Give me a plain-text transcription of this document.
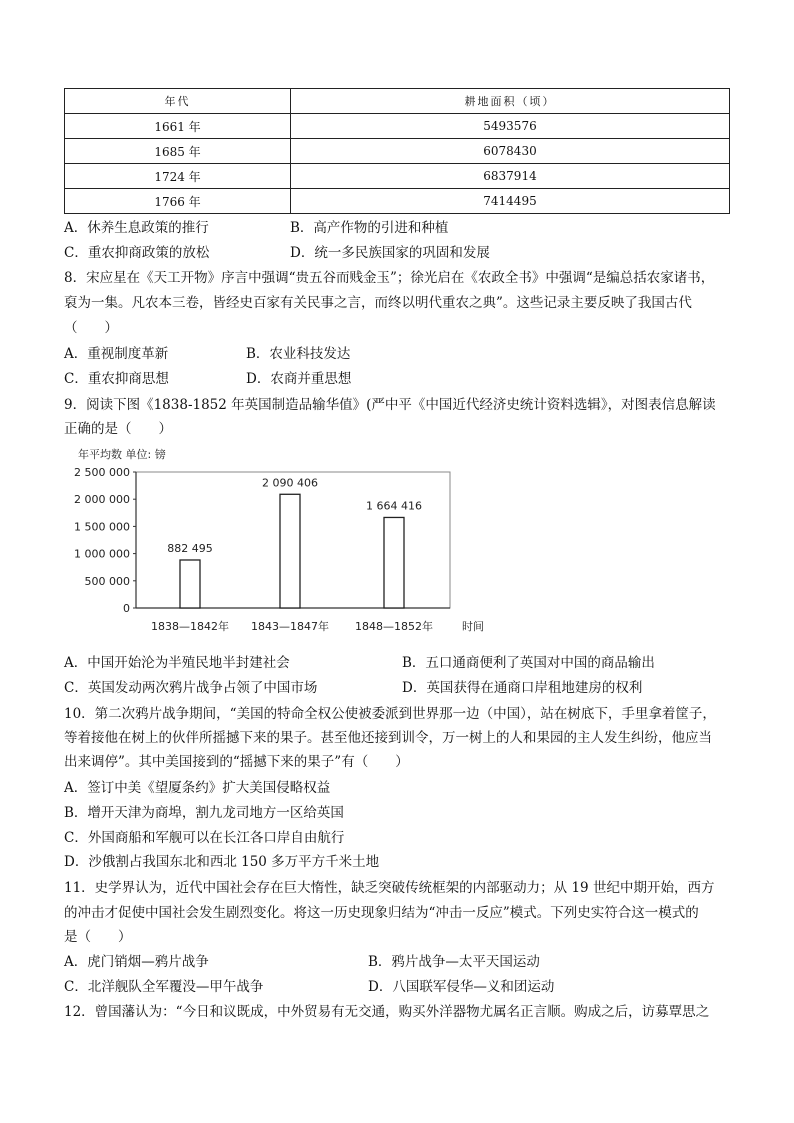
年代	耕地面积（顷）
1661 年	5493576
1685 年	6078430
1724 年	6837914
1766 年	7414495
A．休养生息政策的推行	B．高产作物的引进和种植
C．重农抑商政策的放松	D．统一多民族国家的巩固和发展
8．宋应星在《天工开物》序言中强调“贵五谷而贱金玉”；徐光启在《农政全书》中强调“是编总括农家诸书，
裒为一集。凡农本三卷，皆经史百家有关民事之言，而终以明代重农之典”。这些记录主要反映了我国古代
（　　）
A．重视制度革新	B．农业科技发达
C．重农抑商思想	D．农商并重思想
9．阅读下图《1838-1852 年英国制造品输华值》(严中平《中国近代经济史统计资料选辑》，对图表信息解读
正确的是（　　）
0
500 000
1 000 000
1 500 000
2 000 000
2 500 000
年平均数 单位: 镑
882 495
1838—1842年
2 090 406
1843—1847年
1 664 416
1848—1852年	时间
A．中国开始沦为半殖民地半封建社会	B．五口通商便利了英国对中国的商品输出
C．英国发动两次鸦片战争占领了中国市场	D．英国获得在通商口岸租地建房的权利
10．第二次鸦片战争期间，“美国的特命全权公使被委派到世界那一边（中国），站在树底下，手里拿着筐子，
等着接他在树上的伙伴所摇撼下来的果子。甚至他还接到训令，万一树上的人和果园的主人发生纠纷，他应当
出来调停”。其中美国接到的“摇撼下来的果子”有（　　）
A．签订中美《望厦条约》扩大美国侵略权益
B．增开天津为商埠，割九龙司地方一区给英国
C．外国商船和军舰可以在长江各口岸自由航行
D．沙俄割占我国东北和西北 150 多万平方千米土地
11．史学界认为，近代中国社会存在巨大惰性，缺乏突破传统框架的内部驱动力；从 19 世纪中期开始，西方
的冲击才促使中国社会发生剧烈变化。将这一历史现象归结为“冲击一反应”模式。下列史实符合这一模式的
是（　　）
A．虎门销烟—鸦片战争	B．鸦片战争—太平天国运动
C．北洋舰队全军覆没—甲午战争	D．八国联军侵华—义和团运动
12．曾国藩认为：“今日和议既成，中外贸易有无交通，购买外洋器物尤属名正言顺。购成之后，访募覃思之
